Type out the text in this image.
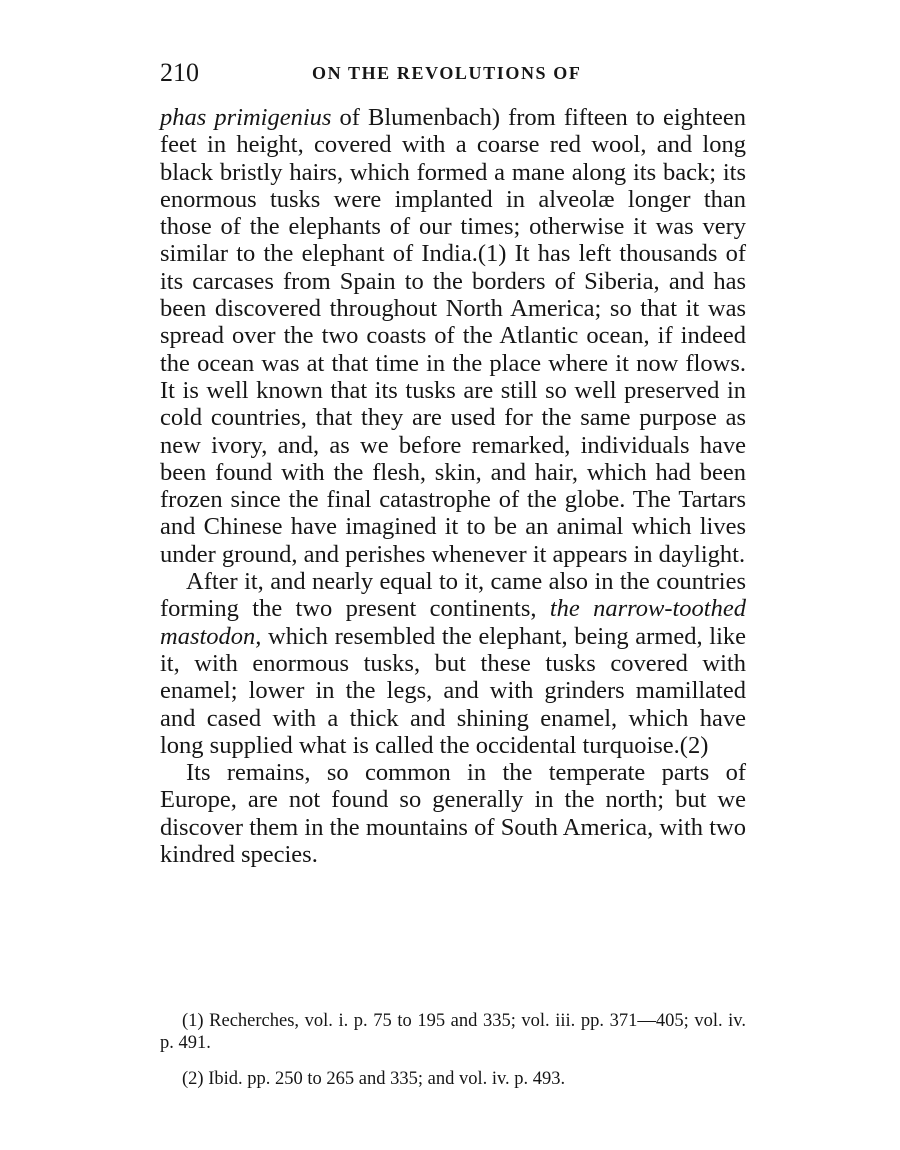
210	ON THE REVOLUTIONS OF

phas primigenius of Blumenbach) from fifteen to eighteen feet in height, covered with a coarse red wool, and long black bristly hairs, which formed a mane along its back; its enormous tusks were implanted in alveolæ longer than those of the elephants of our times; otherwise it was very similar to the elephant of India.(1) It has left thousands of its carcases from Spain to the borders of Siberia, and has been discovered throughout North America; so that it was spread over the two coasts of the Atlantic ocean, if indeed the ocean was at that time in the place where it now flows. It is well known that its tusks are still so well preserved in cold countries, that they are used for the same purpose as new ivory, and, as we before remarked, individuals have been found with the flesh, skin, and hair, which had been frozen since the final catastrophe of the globe. The Tartars and Chinese have imagined it to be an animal which lives under ground, and perishes whenever it appears in daylight.

After it, and nearly equal to it, came also in the countries forming the two present continents, the narrow-toothed mastodon, which resembled the elephant, being armed, like it, with enormous tusks, but these tusks covered with enamel; lower in the legs, and with grinders mamillated and cased with a thick and shining enamel, which have long supplied what is called the occidental turquoise.(2)

Its remains, so common in the temperate parts of Europe, are not found so generally in the north; but we discover them in the mountains of South America, with two kindred species.

(1) Recherches, vol. i. p. 75 to 195 and 335; vol. iii. pp. 371—405; vol. iv. p. 491.

(2) Ibid. pp. 250 to 265 and 335; and vol. iv. p. 493.
